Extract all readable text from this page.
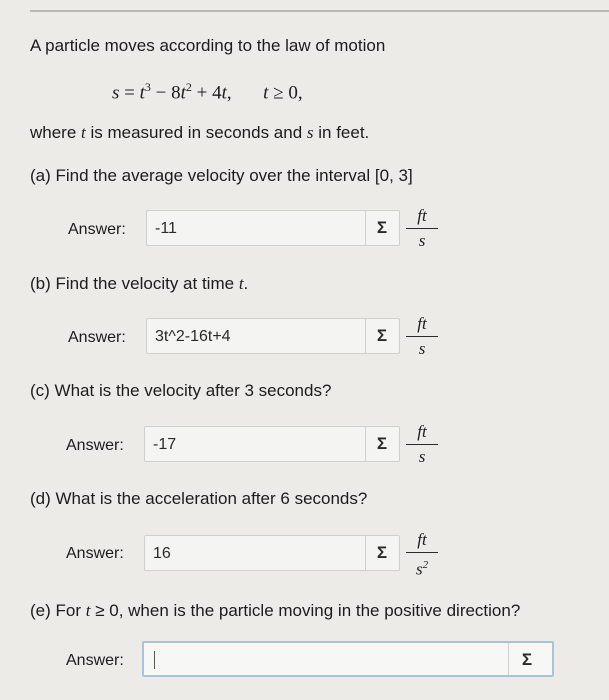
A particle moves according to the law of motion
$s = t^3 - 8t^2 + 4t$, t ≥ 0,
where t is measured in seconds and s in feet.
(a) Find the average velocity over the interval [0, 3]
Answer: -11	Σ
ft
s
(b) Find the velocity at time t.
Answer: 3t^2-16t+4	Σ
ft
s
(c) What is the velocity after 3 seconds?
Answer: -17	Σ
ft
s
(d) What is the acceleration after 6 seconds?
Answer: 16	Σ
ft
$s^2$
(e) For t ≥ 0, when is the particle moving in the positive direction?
Answer:	Σ
